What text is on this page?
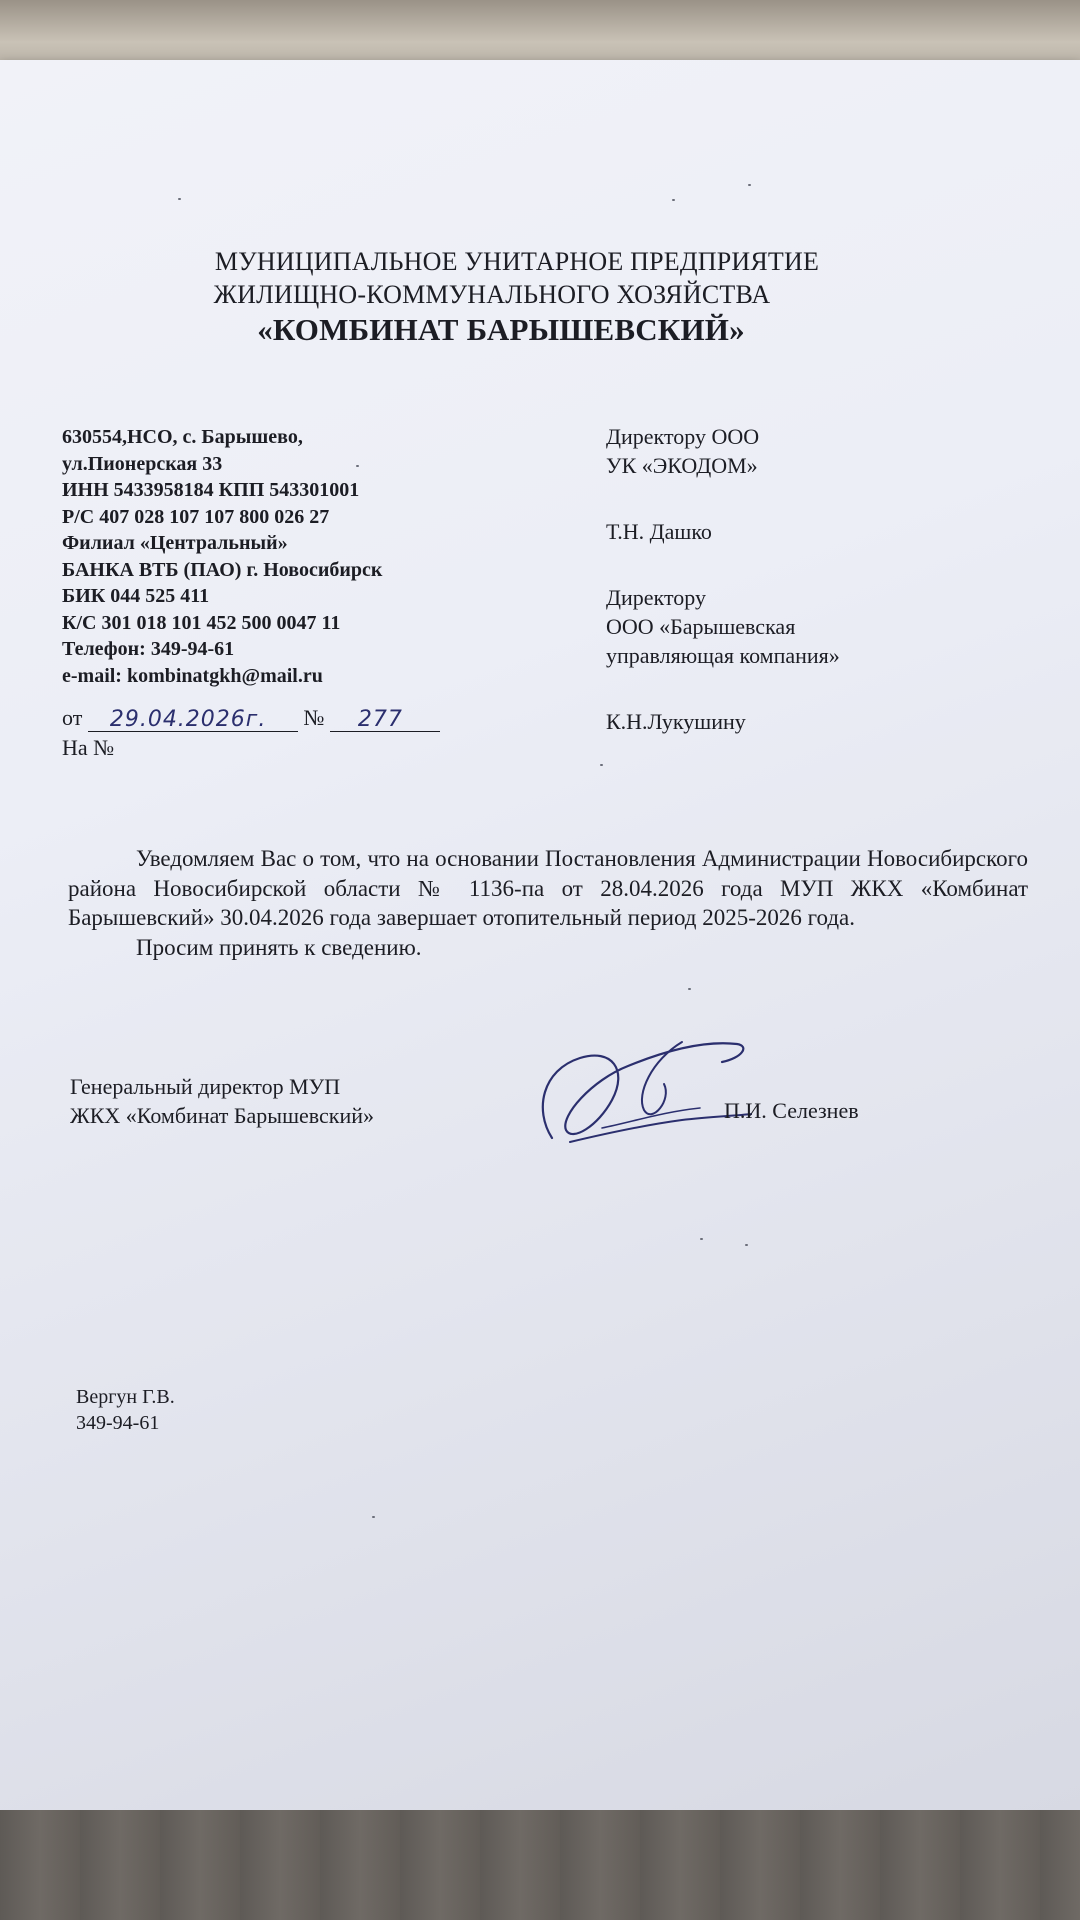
МУНИЦИПАЛЬНОЕ УНИТАРНОЕ ПРЕДПРИЯТИЕ
ЖИЛИЩНО-КОММУНАЛЬНОГО ХОЗЯЙСТВА
«КОМБИНАТ БАРЫШЕВСКИЙ»
630554,НСО, с. Барышево,
ул.Пионерская 33
ИНН 5433958184 КПП 543301001
Р/С 407 028 107 107 800 026 27
Филиал «Центральный»
БАНКА ВТБ (ПАО) г. Новосибирск
БИК 044 525 411
К/С 301 018 101 452 500 0047 11
Телефон: 349-94-61
e-mail: kombinatgkh@mail.ru
от 29.04.2026г. № 277
На №
Директору ООО
УК «ЭКОДОМ»
Т.Н. Дашко
Директору
ООО «Барышевская
управляющая компания»
К.Н.Лукушину

Уведомляем Вас о том, что на основании Постановления Администрации Новосибирского района Новосибирской области № 1136-па от 28.04.2026 года МУП ЖКХ «Комбинат Барышевский» 30.04.2026 года завершает отопительный период 2025-2026 года.

Просим принять к сведению.

Генеральный директор МУП
ЖКХ «Комбинат Барышевский»	П.И. Селезнев
Вергун Г.В.
349-94-61
